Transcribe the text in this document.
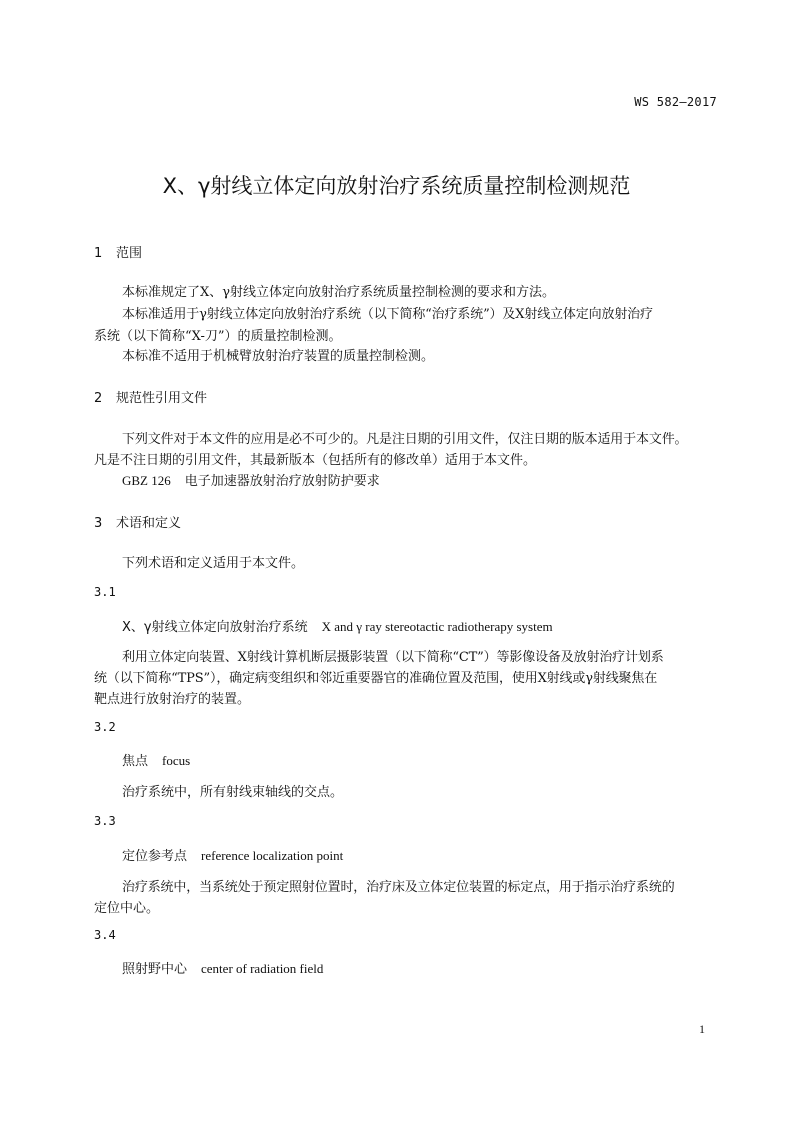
WS 582—2017
X、γ射线立体定向放射治疗系统质量控制检测规范
1 范围
本标准规定了X、γ射线立体定向放射治疗系统质量控制检测的要求和方法。
本标准适用于γ射线立体定向放射治疗系统（以下简称“治疗系统”）及X射线立体定向放射治疗
系统（以下简称“X-刀”）的质量控制检测。
本标准不适用于机械臂放射治疗装置的质量控制检测。
2 规范性引用文件
下列文件对于本文件的应用是必不可少的。凡是注日期的引用文件，仅注日期的版本适用于本文件。
凡是不注日期的引用文件，其最新版本（包括所有的修改单）适用于本文件。
GBZ 126 电子加速器放射治疗放射防护要求
3 术语和定义
下列术语和定义适用于本文件。
3.1
X、γ射线立体定向放射治疗系统 X and γ ray stereotactic radiotherapy system
利用立体定向装置、X射线计算机断层摄影装置（以下简称“CT”）等影像设备及放射治疗计划系
统（以下简称“TPS”），确定病变组织和邻近重要器官的准确位置及范围，使用X射线或γ射线聚焦在
靶点进行放射治疗的装置。
3.2
焦点 focus
治疗系统中，所有射线束轴线的交点。
3.3
定位参考点 reference localization point
治疗系统中，当系统处于预定照射位置时，治疗床及立体定位装置的标定点，用于指示治疗系统的
定位中心。
3.4
照射野中心 center of radiation field
1
